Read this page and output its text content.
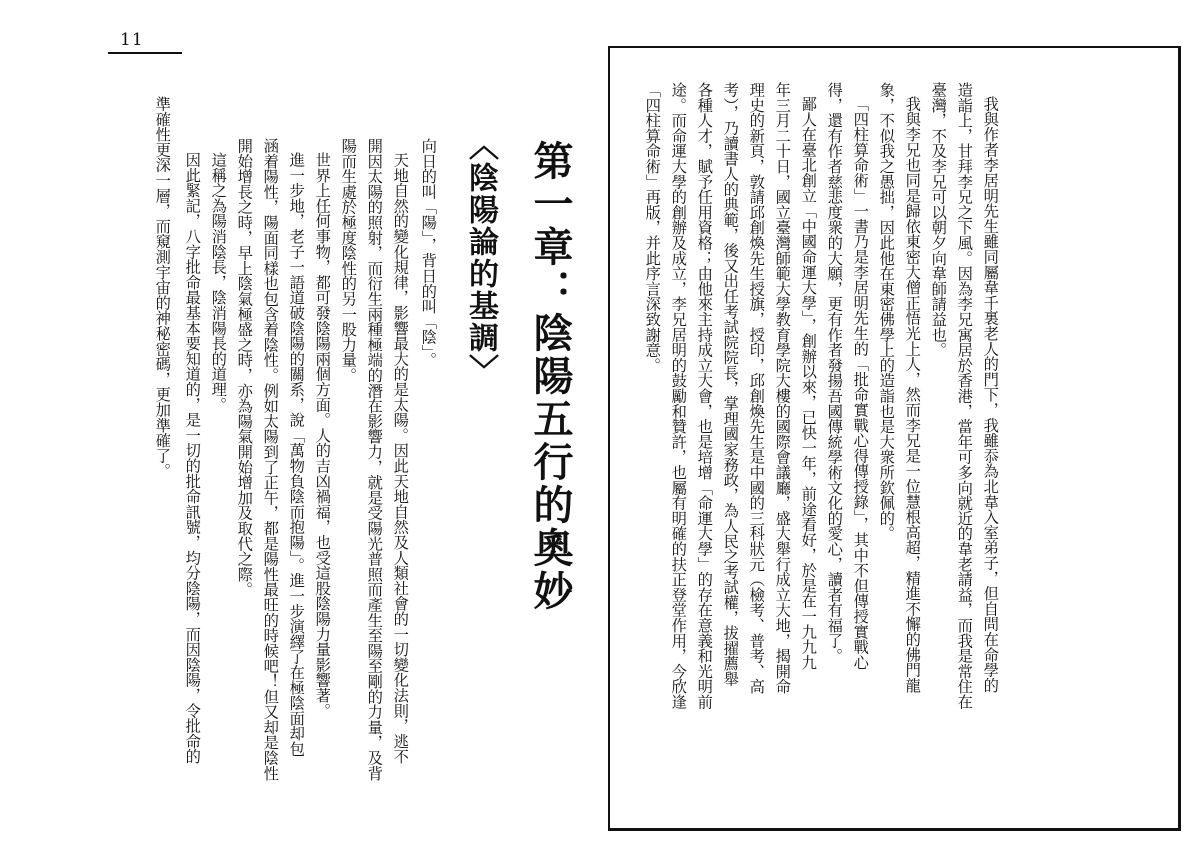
11
第一章：陰陽五行的奧妙
〈陰陽論的基調〉
向日的叫「陽」，背日的叫「陰」。
天地自然的變化規律，影響最大的是太陽。因此天地自然及人類社會的一切變化法則，逃不
開因太陽的照射，而衍生兩種極端的潛在影響力，就是受陽光普照而產生至陽至剛的力量，及背
陽而生處於極度陰性的另一股力量。
世界上任何事物，都可發陰陽兩個方面。人的吉凶禍福，也受這股陰陽力量影響著。
進一步地，老子一語道破陰陽的關系，說「萬物負陰而抱陽」。進一步演繹了在極陰面却包
涵着陽性，陽面同樣也包含着陰性。例如太陽到了正午，都是陽性最旺的時候吧！但又却是陰性
開始增長之時，早上陰氣極盛之時，亦為陽氣開始增加及取代之際。
這稱之為陽消陰長，陰消陽長的道理。
因此緊記，八字批命最基本要知道的，是一切的批命訊號，均分陰陽，而因陰陽，令批命的
準確性更深一層，而窺測宇宙的神秘密碼，更加準確了。	我與作者李居明先生雖同屬韋千裏老人的門下，我雖忝為北韋入室弟子，但自問在命學的
造詣上，甘拜李兄之下風。因為李兄寓居於香港，當年可多向就近的韋老請益，而我是常住在
臺灣，不及李兄可以朝夕向韋師請益也。
我與李兄也同是歸依東密大僧正悟光上人，然而李兄是一位慧根高超，精進不懈的佛門龍
象，不似我之愚拙，因此他在東密佛學上的造詣也是大衆所欽佩的。
「四柱算命術」一書乃是李居明先生的「批命實戰心得傳授錄」，其中不但傳授實戰心
得，還有作者慈悲度衆的大願，更有作者發揚吾國傳統學術文化的愛心，讀者有福了。
鄙人在臺北創立「中國命運大學」，創辦以來，已快一年，前途看好，於是在一九九九
年三月二十日，國立臺灣師範大學教育學院大樓的國際會議廳，盛大舉行成立大地，揭開命
理史的新頁，敦請邱創煥先生授旗，授印，邱創煥先生是中國的三科狀元（檢考、普考、高
考），乃讀書人的典範，後又出任考試院院長，掌理國家務政，為人民之考試權，拔擢薦舉
各種人才，賦予任用資格；由他來主持成立大會，也是培增「命運大學」的存在意義和光明前
途。而命運大學的創辦及成立，李兄居明的鼓勵和贊許，也屬有明確的扶正登堂作用，今欣逢
「四柱算命術」再版，并此序言深致謝意。
